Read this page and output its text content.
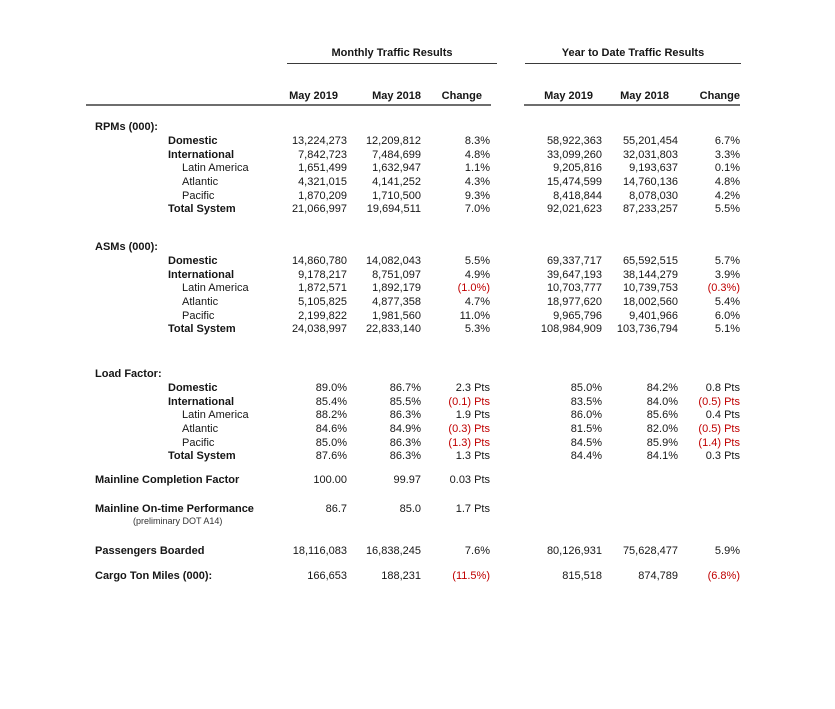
Monthly Traffic Results	Year to Date Traffic Results
May 2019	May 2018	Change	May 2019	May 2018	Change
RPMs (000):
Domestic	13,224,273	12,209,812	8.3%	58,922,363	55,201,454	6.7%
International	7,842,723	7,484,699	4.8%	33,099,260	32,031,803	3.3%
Latin America	1,651,499	1,632,947	1.1%	9,205,816	9,193,637	0.1%
Atlantic	4,321,015	4,141,252	4.3%	15,474,599	14,760,136	4.8%
Pacific	1,870,209	1,710,500	9.3%	8,418,844	8,078,030	4.2%
Total System	21,066,997	19,694,511	7.0%	92,021,623	87,233,257	5.5%
ASMs (000):
Domestic	14,860,780	14,082,043	5.5%	69,337,717	65,592,515	5.7%
International	9,178,217	8,751,097	4.9%	39,647,193	38,144,279	3.9%
Latin America	1,872,571	1,892,179	(1.0%)	10,703,777	10,739,753	(0.3%)
Atlantic	5,105,825	4,877,358	4.7%	18,977,620	18,002,560	5.4%
Pacific	2,199,822	1,981,560	11.0%	9,965,796	9,401,966	6.0%
Total System	24,038,997	22,833,140	5.3%	108,984,909	103,736,794	5.1%
Load Factor:
Domestic	89.0%	86.7%	2.3 Pts	85.0%	84.2%	0.8 Pts
International	85.4%	85.5%	(0.1) Pts	83.5%	84.0%	(0.5) Pts
Latin America	88.2%	86.3%	1.9 Pts	86.0%	85.6%	0.4 Pts
Atlantic	84.6%	84.9%	(0.3) Pts	81.5%	82.0%	(0.5) Pts
Pacific	85.0%	86.3%	(1.3) Pts	84.5%	85.9%	(1.4) Pts
Total System	87.6%	86.3%	1.3 Pts	84.4%	84.1%	0.3 Pts
Mainline Completion Factor	100.00	99.97	0.03 Pts
Mainline On-time Performance	86.7	85.0	1.7 Pts
(preliminary DOT A14)
Passengers Boarded	18,116,083	16,838,245	7.6%	80,126,931	75,628,477	5.9%
Cargo Ton Miles (000):	166,653	188,231	(11.5%)	815,518	874,789	(6.8%)
